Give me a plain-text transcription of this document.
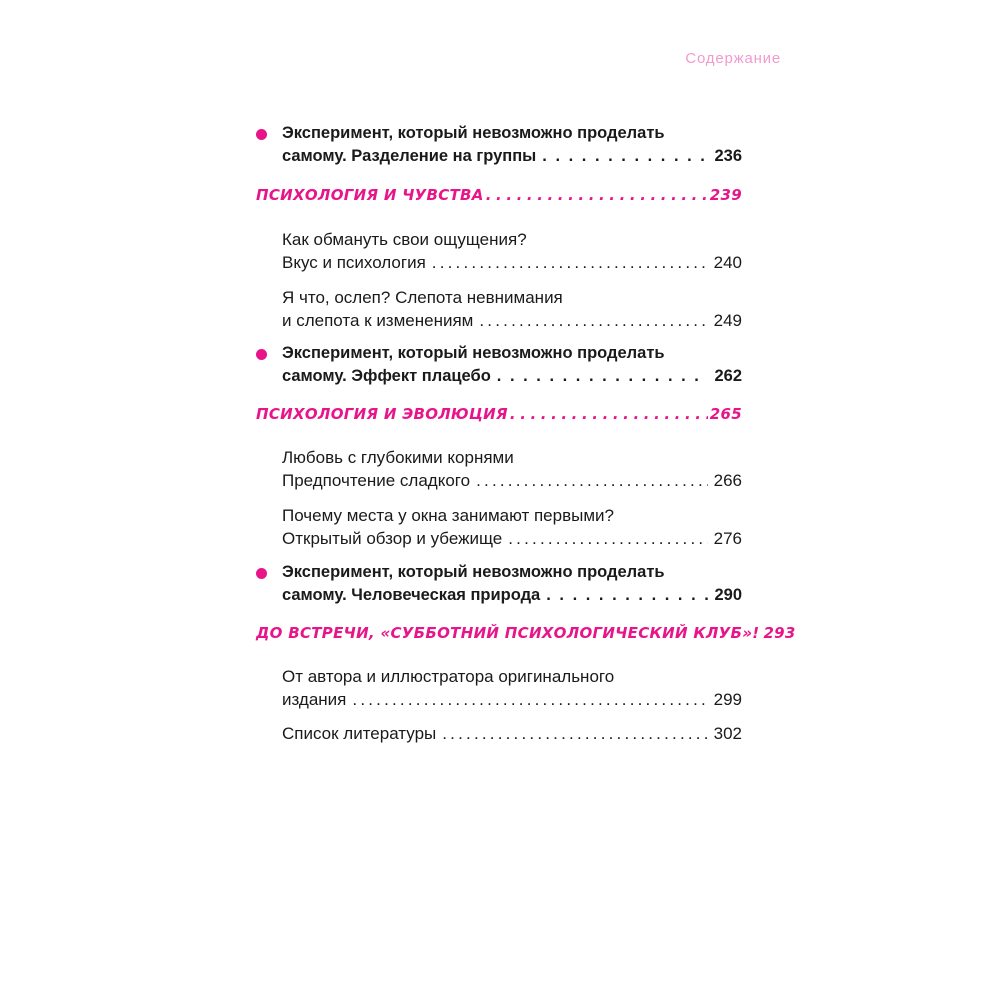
Содержание
Эксперимент, который невозможно проделать
самому. Разделение на группы . . .	236
ПСИХОЛОГИЯ И ЧУВСТВА .....	239
Как обмануть свои ощущения?
Вкус и психология .....	240
Я что, ослеп? Слепота невнимания
и слепота к изменениям .....	249
Эксперимент, который невозможно проделать
самому. Эффект плацебо . . .	262
ПСИХОЛОГИЯ И ЭВОЛЮЦИЯ .....	265
Любовь с глубокими корнями
Предпочтение сладкого .....	266
Почему места у окна занимают первыми?
Открытый обзор и убежище .....	276
Эксперимент, который невозможно проделать
самому. Человеческая природа . . .	290
ДО ВСТРЕЧИ, «СУББОТНИЙ ПСИХОЛОГИЧЕСКИЙ КЛУБ»! 293
От автора и иллюстратора оригинального
издания .....	299
Список литературы .....	302
